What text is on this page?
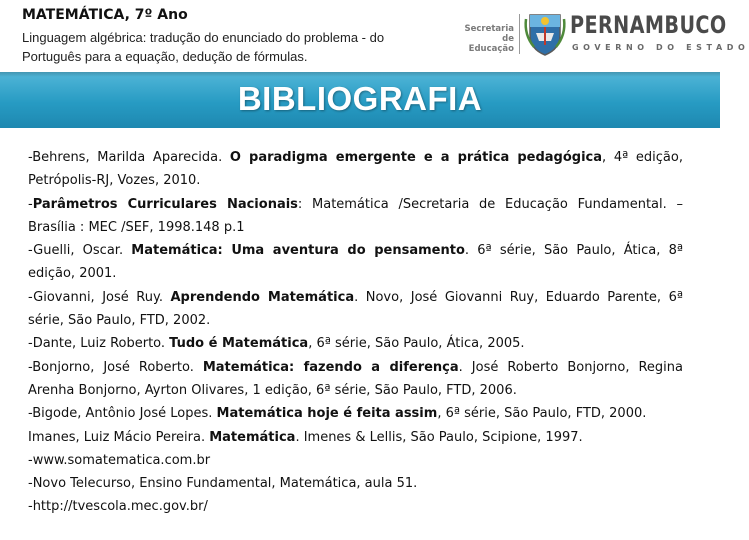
MATEMÁTICA, 7º Ano
Linguagem algébrica: tradução do enunciado do problema - do Português para a equação, dedução de fórmulas.
Secretaria de
Educação
PERNAMBUCO
GOVERNO DO ESTADO
BIBLIOGRAFIA

-Behrens, Marilda Aparecida. O paradigma emergente e a prática pedagógica, 4ª edição, Petrópolis-RJ, Vozes, 2010.

-Parâmetros Curriculares Nacionais: Matemática /Secretaria de Educação Fundamental. – Brasília : MEC /SEF, 1998.148 p.1

-Guelli, Oscar. Matemática: Uma aventura do pensamento. 6ª série, São Paulo, Ática, 8ª edição, 2001.

-Giovanni, José Ruy. Aprendendo Matemática. Novo, José Giovanni Ruy, Eduardo Parente, 6ª série, São Paulo, FTD, 2002.

-Dante, Luiz Roberto. Tudo é Matemática, 6ª série, São Paulo, Ática, 2005.

-Bonjorno, José Roberto. Matemática: fazendo a diferença. José Roberto Bonjorno, Regina Arenha Bonjorno, Ayrton Olivares, 1 edição, 6ª série, São Paulo, FTD, 2006.

-Bigode, Antônio José Lopes. Matemática hoje é feita assim, 6ª série, São Paulo, FTD, 2000.

Imanes, Luiz Mácio Pereira. Matemática. Imenes & Lellis, São Paulo, Scipione, 1997.

-www.somatematica.com.br

-Novo Telecurso, Ensino Fundamental, Matemática, aula 51.

-http://tvescola.mec.gov.br/
